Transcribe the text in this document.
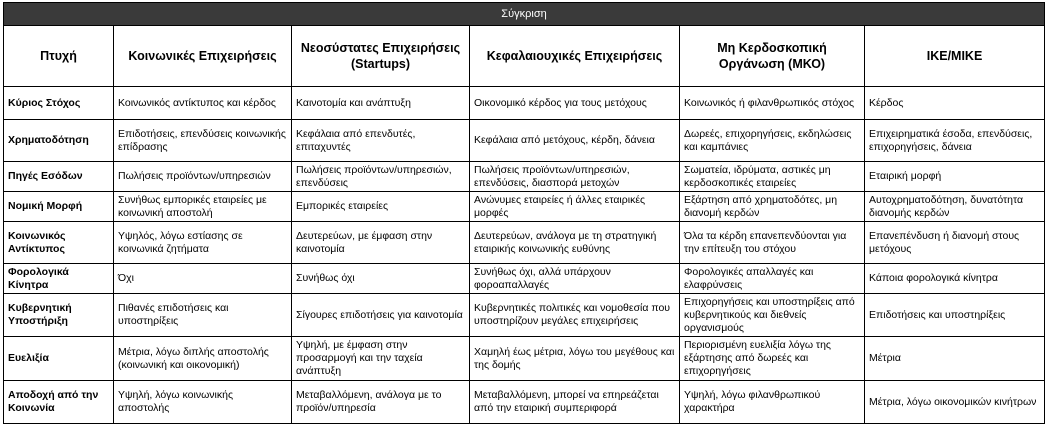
Σύγκριση					
Πτυχή	Κοινωνικές Επιχειρήσεις	Νεοσύστατες Επιχειρήσεις (Startups)	Κεφαλαιουχικές Επιχειρήσεις	Μη Κερδοσκοπική Οργάνωση (ΜΚΟ)	ΙΚΕ/ΜΙΚΕ
Κύριος Στόχος	Κοινωνικός αντίκτυπος και κέρδος	Καινοτομία και ανάπτυξη	Οικονομικό κέρδος για τους μετόχους	Κοινωνικός ή φιλανθρωπικός στόχος	Κέρδος
Χρηματοδότηση	Επιδοτήσεις, επενδύσεις κοινωνικής επίδρασης	Κεφάλαια από επενδυτές, επιταχυντές	Κεφάλαια από μετόχους, κέρδη, δάνεια	Δωρεές, επιχορηγήσεις, εκδηλώσεις και καμπάνιες	Επιχειρηματικά έσοδα, επενδύσεις, επιχορηγήσεις, δάνεια
Πηγές Εσόδων	Πωλήσεις προϊόντων/υπηρεσιών	Πωλήσεις προϊόντων/υπηρεσιών, επενδύσεις	Πωλήσεις προϊόντων/υπηρεσιών, επενδύσεις, διασπορά μετοχών	Σωματεία, ιδρύματα, αστικές μη κερδοσκοπικές εταιρείες	Εταιρική μορφή
Νομική Μορφή	Συνήθως εμπορικές εταιρείες με κοινωνική αποστολή	Εμπορικές εταιρείες	Ανώνυμες εταιρείες ή άλλες εταιρικές μορφές	Εξάρτηση από χρηματοδότες, μη διανομή κερδών	Αυτοχρηματοδότηση, δυνατότητα διανομής κερδών
Κοινωνικός Αντίκτυπος	Υψηλός, λόγω εστίασης σε κοινωνικά ζητήματα	Δευτερεύων, με έμφαση στην καινοτομία	Δευτερεύων, ανάλογα με τη στρατηγική εταιρικής κοινωνικής ευθύνης	Όλα τα κέρδη επανεπενδύονται για την επίτευξη του στόχου	Επανεπένδυση ή διανομή στους μετόχους
Φορολογικά Κίνητρα	Όχι	Συνήθως όχι	Συνήθως όχι, αλλά υπάρχουν φοροαπαλλαγές	Φορολογικές απαλλαγές και ελαφρύνσεις	Κάποια φορολογικά κίνητρα
Κυβερνητική Υποστήριξη	Πιθανές επιδοτήσεις και υποστηρίξεις	Σίγουρες επιδοτήσεις για καινοτομία	Κυβερνητικές πολιτικές και νομοθεσία που υποστηρίζουν μεγάλες επιχειρήσεις	Επιχορηγήσεις και υποστηρίξεις από κυβερνητικούς και διεθνείς οργανισμούς	Επιδοτήσεις και υποστηρίξεις
Ευελιξία	Μέτρια, λόγω διπλής αποστολής (κοινωνική και οικονομική)	Υψηλή, με έμφαση στην προσαρμογή και την ταχεία ανάπτυξη	Χαμηλή έως μέτρια, λόγω του μεγέθους και της δομής	Περιορισμένη ευελιξία λόγω της εξάρτησης από δωρεές και επιχορηγήσεις	Μέτρια
Αποδοχή από την Κοινωνία	Υψηλή, λόγω κοινωνικής αποστολής	Μεταβαλλόμενη, ανάλογα με το προϊόν/υπηρεσία	Μεταβαλλόμενη, μπορεί να επηρεάζεται από την εταιρική συμπεριφορά	Υψηλή, λόγω φιλανθρωπικού χαρακτήρα	Μέτρια, λόγω οικονομικών κινήτρων
